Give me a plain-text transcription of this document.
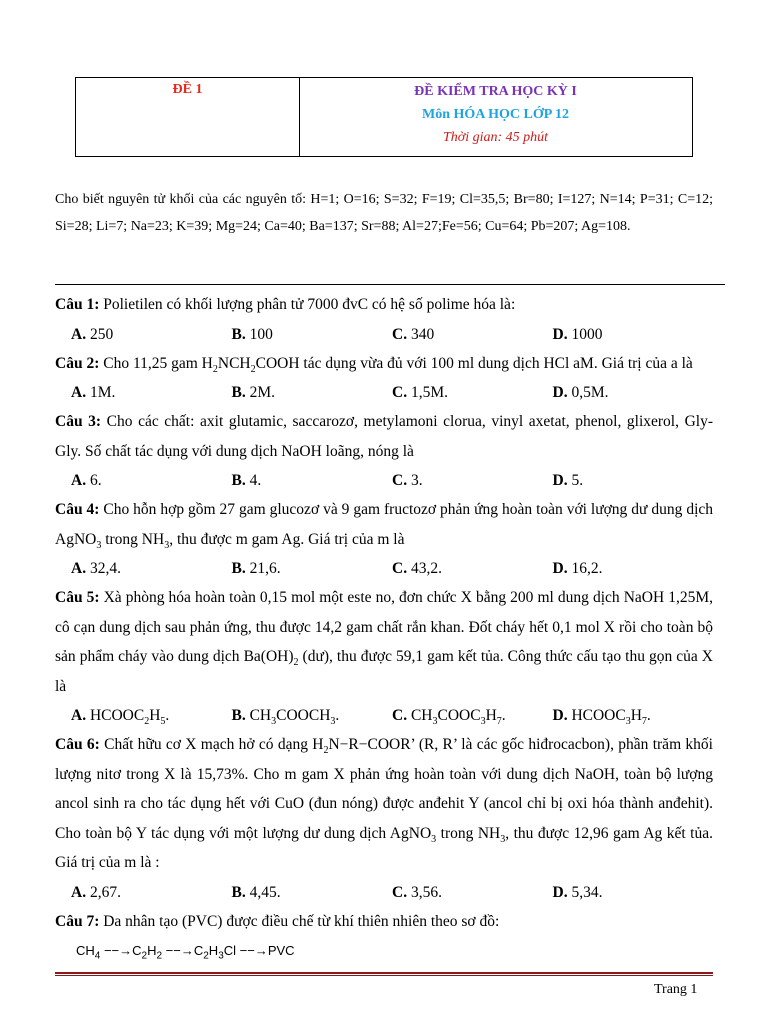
ĐỀ 1	ĐỀ KIỂM TRA HỌC KỲ I
Môn HÓA HỌC LỚP 12
Thời gian: 45 phút
Cho biết nguyên tử khối của các nguyên tố: H=1; O=16; S=32; F=19; Cl=35,5; Br=80; I=127; N=14; P=31; C=12; Si=28; Li=7; Na=23; K=39; Mg=24; Ca=40; Ba=137; Sr=88; Al=27;Fe=56; Cu=64; Pb=207; Ag=108.
Câu 1: Polietilen có khối lượng phân tử 7000 đvC có hệ số polime hóa là:
A. 250	B. 100	C. 340	D. 1000
Câu 2: Cho 11,25 gam $H_2NCH_2COOH$ tác dụng vừa đủ với 100 ml dung dịch HCl aM. Giá trị của a là
A. 1M.	B. 2M.	C. 1,5M.	D. 0,5M.
Câu 3: Cho các chất: axit glutamic, saccarozơ, metylamoni clorua, vinyl axetat, phenol, glixerol, Gly-Gly. Số chất tác dụng với dung dịch NaOH loãng, nóng là
A. 6.	B. 4.	C. 3.	D. 5.
Câu 4: Cho hỗn hợp gồm 27 gam glucozơ và 9 gam fructozơ phản ứng hoàn toàn với lượng dư dung dịch AgNO$_3$ trong $NH_3$, thu được m gam Ag. Giá trị của m là
A. 32,4.	B. 21,6.	C. 43,2.	D. 16,2.
Câu 5: Xà phòng hóa hoàn toàn 0,15 mol một este no, đơn chức X bằng 200 ml dung dịch NaOH 1,25M, cô cạn dung dịch sau phản ứng, thu được 14,2 gam chất rắn khan. Đốt cháy hết 0,1 mol X rồi cho toàn bộ sản phẩm cháy vào dung dịch $Ba(OH)_2$ (dư), thu được 59,1 gam kết tủa. Công thức cấu tạo thu gọn của X là
A. $HCOOC_2H_5$.	B. $CH_3COOCH_3$.	C. $CH_3COOC_3H_7$.	D. $HCOOC_3H_7$.
Câu 6: Chất hữu cơ X mạch hở có dạng $H_2N-R-COOR$’ (R, R’ là các gốc hiđrocacbon), phần trăm khối lượng nitơ trong X là 15,73%. Cho m gam X phản ứng hoàn toàn với dung dịch NaOH, toàn bộ lượng ancol sinh ra cho tác dụng hết với CuO (đun nóng) được anđehit Y (ancol chỉ bị oxi hóa thành anđehit). Cho toàn bộ Y tác dụng với một lượng dư dung dịch AgNO$_3$ trong $NH_3$, thu được 12,96 gam Ag kết tủa. Giá trị của m là :
A. 2,67.	B. 4,45.	C. 3,56.	D. 5,34.
Câu 7: Da nhân tạo (PVC) được điều chế từ khí thiên nhiên theo sơ đồ:
$CH_4 --\to C_2H_2 --\to C_2H_3Cl --\to PVC$
Trang 1
